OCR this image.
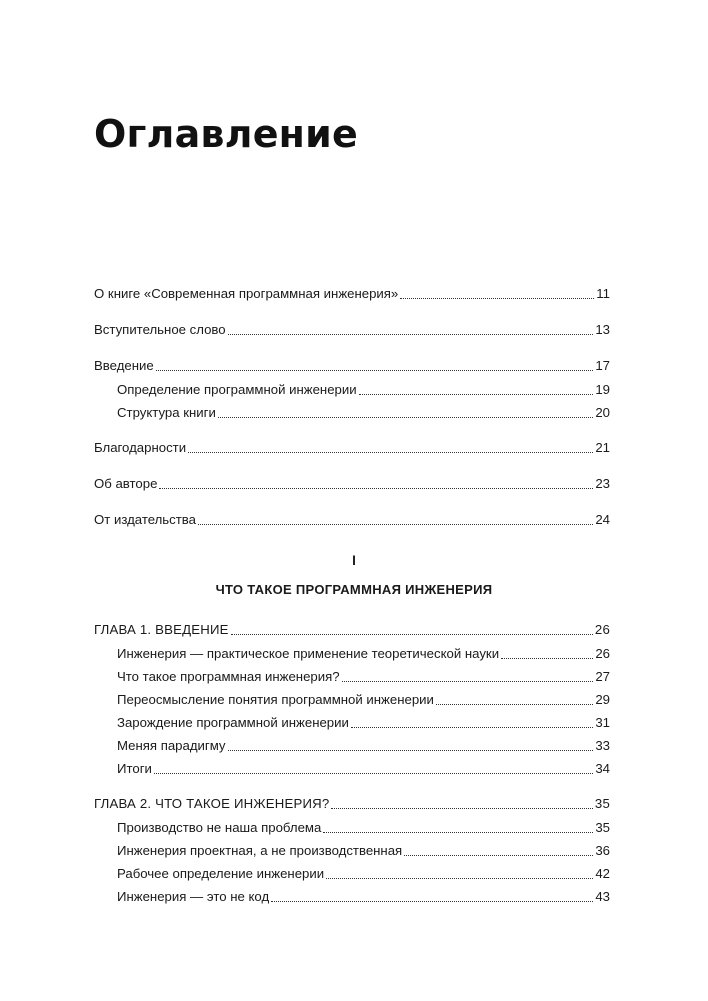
Оглавление
О книге «Современная программная инженерия»	11
Вступительное слово	13
Введение	17
Определение программной инженерии	19
Структура книги	20
Благодарности	21
Об авторе	23
От издательства	24
I
ЧТО ТАКОЕ ПРОГРАММНАЯ ИНЖЕНЕРИЯ
ГЛАВА 1. ВВЕДЕНИЕ	26
Инженерия — практическое применение теоретической науки	26
Что такое программная инженерия?	27
Переосмысление понятия программной инженерии	29
Зарождение программной инженерии	31
Меняя парадигму	33
Итоги	34
ГЛАВА 2. ЧТО ТАКОЕ ИНЖЕНЕРИЯ?	35
Производство не наша проблема	35
Инженерия проектная, а не производственная	36
Рабочее определение инженерии	42
Инженерия — это не код	43
